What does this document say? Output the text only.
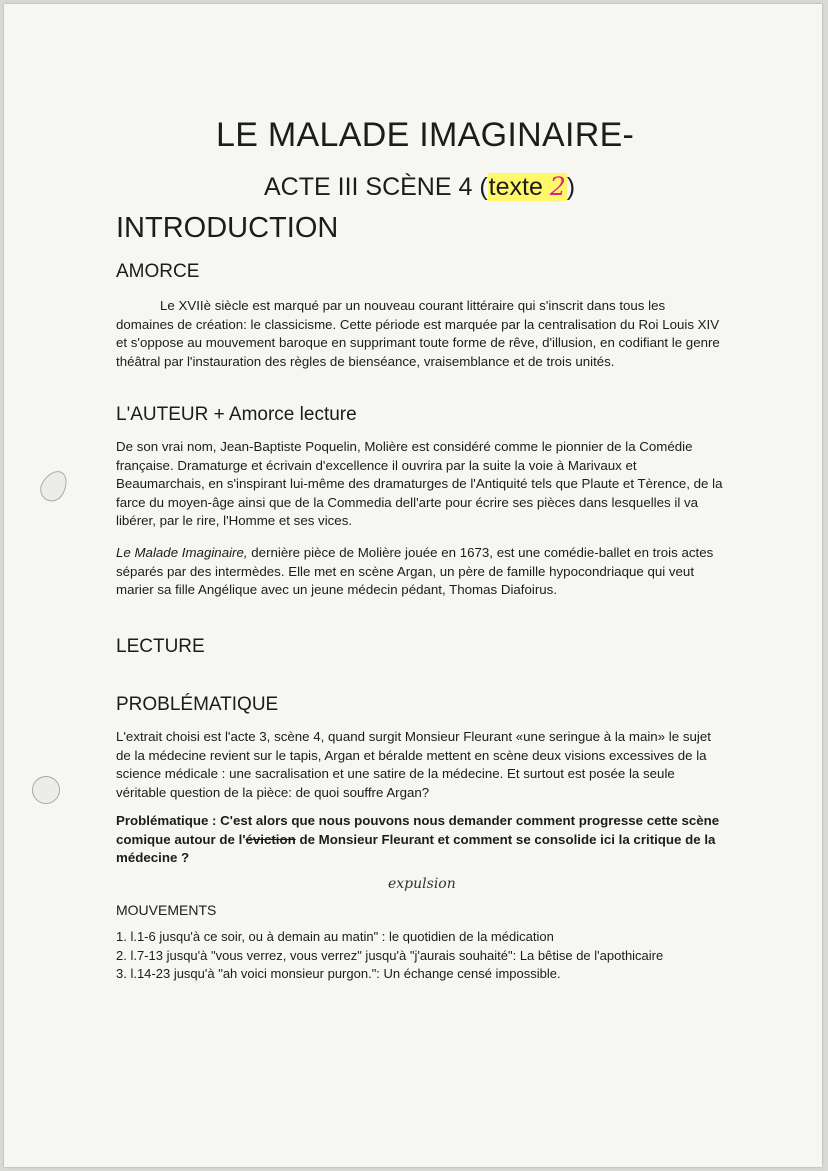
LE MALADE IMAGINAIRE-
ACTE III SCÈNE 4 (texte 2)
INTRODUCTION
AMORCE

Le XVIIè siècle est marqué par un nouveau courant littéraire qui s'inscrit dans tous les domaines de création: le classicisme. Cette période est marquée par la centralisation du Roi Louis XIV et s'oppose au mouvement baroque en supprimant toute forme de rêve, d'illusion, en codifiant le genre théâtral par l'instauration des règles de bienséance, vraisemblance et de trois unités.

L'AUTEUR + Amorce lecture

De son vrai nom, Jean-Baptiste Poquelin, Molière est considéré comme le pionnier de la Comédie française. Dramaturge et écrivain d'excellence il ouvrira par la suite la voie à Marivaux et Beaumarchais, en s'inspirant lui-même des dramaturges de l'Antiquité tels que Plaute et Tèrence, de la farce du moyen-âge ainsi que de la Commedia dell'arte pour écrire ses pièces dans lesquelles il va libérer, par le rire, l'Homme et ses vices.

Le Malade Imaginaire, dernière pièce de Molière jouée en 1673, est une comédie-ballet en trois actes séparés par des intermèdes. Elle met en scène Argan, un père de famille hypocondriaque qui veut marier sa fille Angélique avec un jeune médecin pédant, Thomas Diafoirus.

LECTURE
PROBLÉMATIQUE

L'extrait choisi est l'acte 3, scène 4, quand surgit Monsieur Fleurant «une seringue à la main» le sujet de la médecine revient sur le tapis, Argan et béralde mettent en scène deux visions excessives de la science médicale : une sacralisation et une satire de la médecine. Et surtout est posée la seule véritable question de la pièce: de quoi souffre Argan?

Problématique : C'est alors que nous pouvons nous demander comment progresse cette scène comique autour de l'éviction de Monsieur Fleurant et comment se consolide ici la critique de la médecine ?

expulsion
MOUVEMENTS
1. l.1-6 jusqu'à ce soir, ou à demain au matin" : le quotidien de la médication
2. l.7-13 jusqu'à "vous verrez, vous verrez" jusqu'à "j'aurais souhaité": La bêtise de l'apothicaire
3. l.14-23 jusqu'à "ah voici monsieur purgon.": Un échange censé impossible.
